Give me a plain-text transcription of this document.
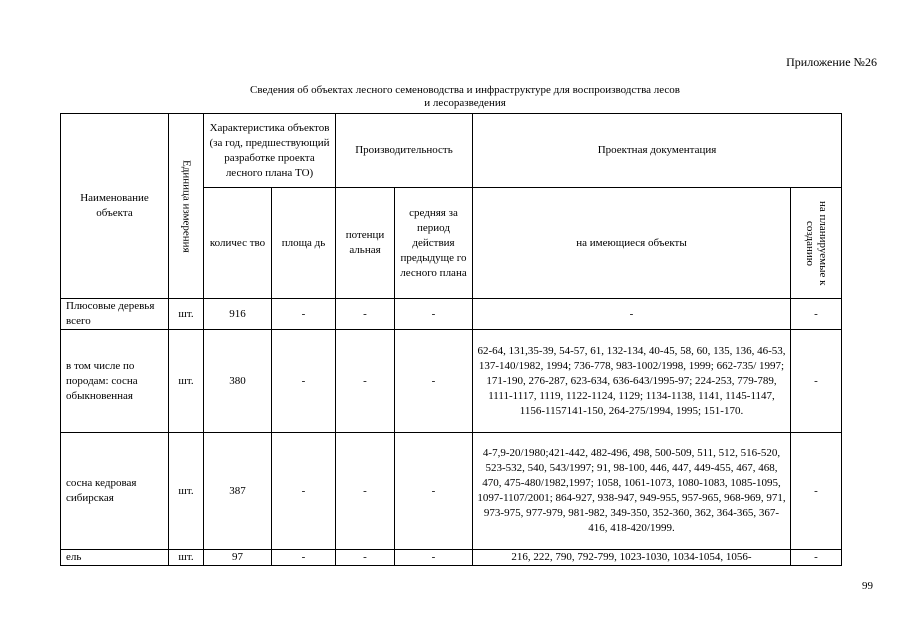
Приложение №26
Сведения об объектах лесного семеноводства и инфраструктуре для воспроизводства лесов
и лесоразведения
Наименование объекта	Единица измерения	Характеристика объектов (за год, предшествующий разработке проекта лесного плана ТО)		Производительность		Проектная документация	
		количес тво	площа дь	потенци альная	средняя за период действия предыдуще го лесного плана	на имеющиеся объекты	на планируемые к созданию

Плюсовые деревья всего	шт.	916	-	-	-	-	-
в том числе по породам: сосна обыкновенная	шт.	380	-	-	-	62-64, 131,35-39, 54-57, 61, 132-134, 40-45, 58, 60, 135, 136, 46-53, 137-140/1982, 1994; 736-778, 983-1002/1998, 1999; 662-735/ 1997; 171-190, 276-287, 623-634, 636-643/1995-97; 224-253, 779-789, 1111-1117, 1119, 1122-1124, 1129; 1134-1138, 1141, 1145-1147, 1156-1157141-150, 264-275/1994, 1995; 151-170.	-
сосна кедровая сибирская	шт.	387	-	-	-	4-7,9-20/1980;421-442, 482-496, 498, 500-509, 511, 512, 516-520, 523-532, 540, 543/1997; 91, 98-100, 446, 447, 449-455, 467, 468, 470, 475-480/1982,1997; 1058, 1061-1073, 1080-1083, 1085-1095, 1097-1107/2001; 864-927, 938-947, 949-955, 957-965, 968-969, 971, 973-975, 977-979, 981-982, 349-350, 352-360, 362, 364-365, 367-416, 418-420/1999.	-
ель	шт.	97	-	-	-	216, 222, 790, 792-799, 1023-1030, 1034-1054, 1056-	-
99
